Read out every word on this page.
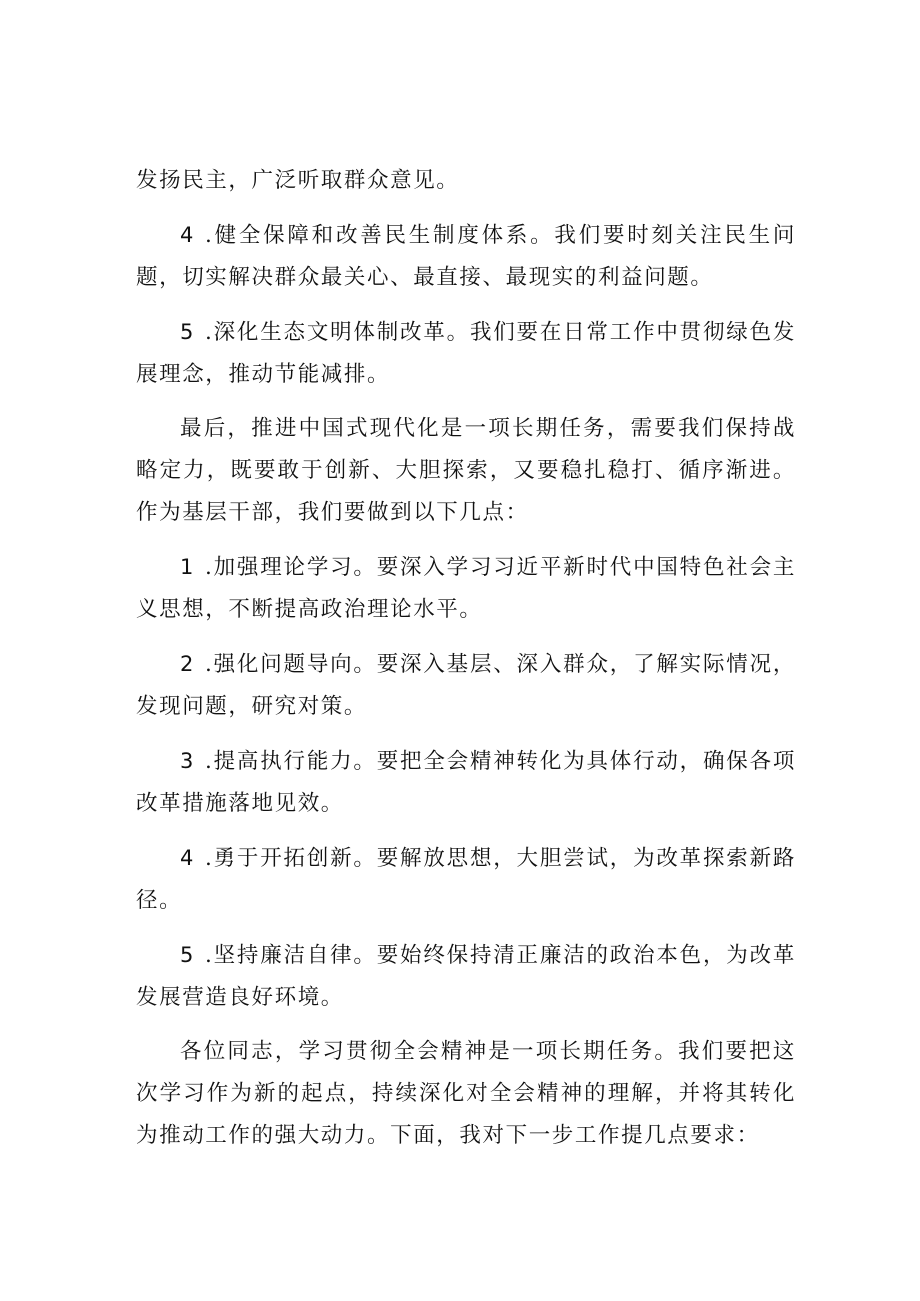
发扬民主，广泛听取群众意见。

4 .健全保障和改善民生制度体系。我们要时刻关注民生问题，切实解决群众最关心、最直接、最现实的利益问题。

5 .深化生态文明体制改革。我们要在日常工作中贯彻绿色发展理念，推动节能减排。

最后，推进中国式现代化是一项长期任务，需要我们保持战略定力，既要敢于创新、大胆探索，又要稳扎稳打、循序渐进。作为基层干部，我们要做到以下几点：

1 .加强理论学习。要深入学习习近平新时代中国特色社会主义思想，不断提高政治理论水平。

2 .强化问题导向。要深入基层、深入群众，了解实际情况，发现问题，研究对策。

3 .提高执行能力。要把全会精神转化为具体行动，确保各项改革措施落地见效。

4 .勇于开拓创新。要解放思想，大胆尝试，为改革探索新路径。

5 .坚持廉洁自律。要始终保持清正廉洁的政治本色，为改革发展营造良好环境。

各位同志，学习贯彻全会精神是一项长期任务。我们要把这次学习作为新的起点，持续深化对全会精神的理解，并将其转化为推动工作的强大动力。下面，我对下一步工作提几点要求：
